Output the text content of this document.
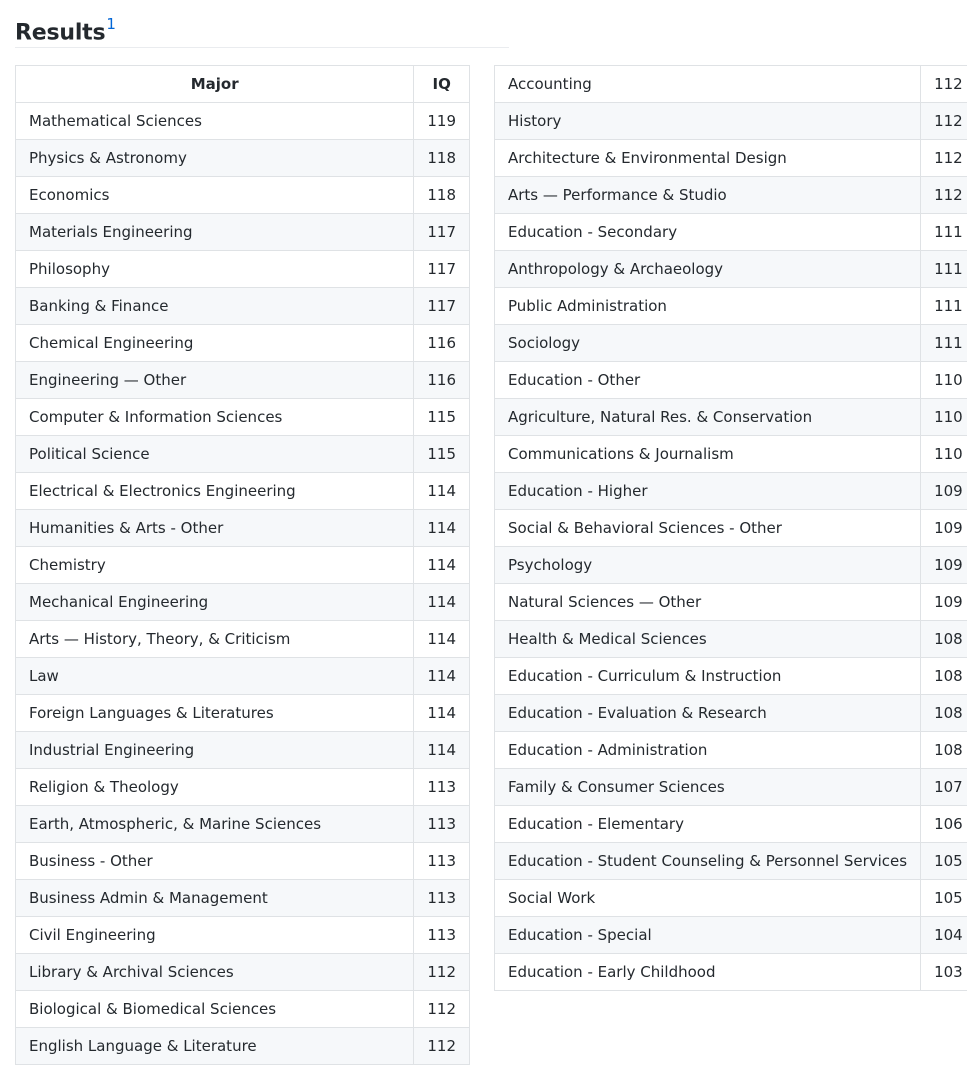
Results$^1$
Major	IQ
Mathematical Sciences	119
Physics & Astronomy	118
Economics	118
Materials Engineering	117
Philosophy	117
Banking & Finance	117
Chemical Engineering	116
Engineering — Other	116
Computer & Information Sciences	115
Political Science	115
Electrical & Electronics Engineering	114
Humanities & Arts - Other	114
Chemistry	114
Mechanical Engineering	114
Arts — History, Theory, & Criticism	114
Law	114
Foreign Languages & Literatures	114
Industrial Engineering	114
Religion & Theology	113
Earth, Atmospheric, & Marine Sciences	113
Business - Other	113
Business Admin & Management	113
Civil Engineering	113
Library & Archival Sciences	112
Biological & Biomedical Sciences	112
English Language & Literature	112
Accounting	112
History	112
Architecture & Environmental Design	112
Arts — Performance & Studio	112
Education - Secondary	111
Anthropology & Archaeology	111
Public Administration	111
Sociology	111
Education - Other	110
Agriculture, Natural Res. & Conservation	110
Communications & Journalism	110
Education - Higher	109
Social & Behavioral Sciences - Other	109
Psychology	109
Natural Sciences — Other	109
Health & Medical Sciences	108
Education - Curriculum & Instruction	108
Education - Evaluation & Research	108
Education - Administration	108
Family & Consumer Sciences	107
Education - Elementary	106
Education - Student Counseling & Personnel Services	105
Social Work	105
Education - Special	104
Education - Early Childhood	103
